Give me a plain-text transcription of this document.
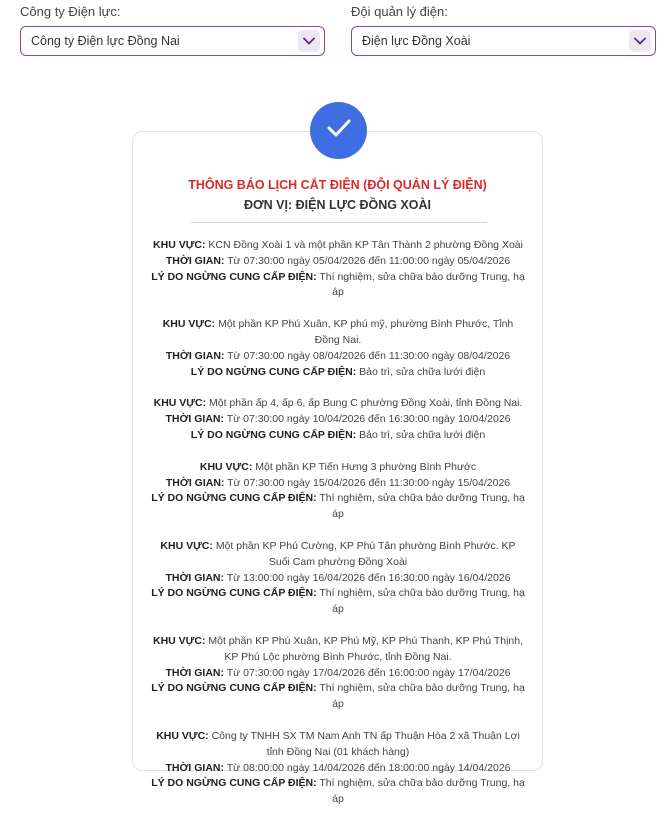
Công ty Điện lực:
Công ty Điện lực Đồng Nai
Đội quản lý điện:
Điện lực Đồng Xoài
THÔNG BÁO LỊCH CẮT ĐIỆN (ĐỘI QUẢN LÝ ĐIỆN)
ĐƠN VỊ: ĐIỆN LỰC ĐỒNG XOÀI
KHU VỰC: KCN Đồng Xoài 1 và một phần KP Tân Thành 2 phường Đồng Xoài
THỜI GIAN: Từ 07:30:00 ngày 05/04/2026 đến 11:00:00 ngày 05/04/2026
LÝ DO NGỪNG CUNG CẤP ĐIỆN: Thí nghiệm, sửa chữa bảo dưỡng Trung, hạ áp
KHU VỰC: Một phần KP Phú Xuân, KP phú mỹ, phường Bình Phước, Tỉnh Đồng Nai.
THỜI GIAN: Từ 07:30:00 ngày 08/04/2026 đến 11:30:00 ngày 08/04/2026
LÝ DO NGỪNG CUNG CẤP ĐIỆN: Bảo trì, sửa chữa lưới điện
KHU VỰC: Một phần ấp 4, ấp 6, ấp Bung C phường Đồng Xoài, tỉnh Đồng Nai.
THỜI GIAN: Từ 07:30:00 ngày 10/04/2026 đến 16:30:00 ngày 10/04/2026
LÝ DO NGỪNG CUNG CẤP ĐIỆN: Bảo trì, sửa chữa lưới điện
KHU VỰC: Một phần KP Tiến Hưng 3 phường Bình Phước
THỜI GIAN: Từ 07:30:00 ngày 15/04/2026 đến 11:30:00 ngày 15/04/2026
LÝ DO NGỪNG CUNG CẤP ĐIỆN: Thí nghiệm, sửa chữa bảo dưỡng Trung, hạ áp
KHU VỰC: Một phần KP Phú Cường, KP Phú Tân phường Bình Phước. KP Suối Cam phường Đồng Xoài
THỜI GIAN: Từ 13:00:00 ngày 16/04/2026 đến 16:30:00 ngày 16/04/2026
LÝ DO NGỪNG CUNG CẤP ĐIỆN: Thí nghiệm, sửa chữa bảo dưỡng Trung, hạ áp
KHU VỰC: Một phần KP Phú Xuân, KP Phú Mỹ, KP Phú Thanh, KP Phú Thịnh, KP Phú Lộc phường Bình Phước, tỉnh Đồng Nai.
THỜI GIAN: Từ 07:30:00 ngày 17/04/2026 đến 16:00:00 ngày 17/04/2026
LÝ DO NGỪNG CUNG CẤP ĐIỆN: Thí nghiệm, sửa chữa bảo dưỡng Trung, hạ áp
KHU VỰC: Công ty TNHH SX TM Nam Anh TN ấp Thuận Hòa 2 xã Thuận Lợi tỉnh Đồng Nai (01 khách hàng)
THỜI GIAN: Từ 08:00:00 ngày 14/04/2026 đến 18:00:00 ngày 14/04/2026
LÝ DO NGỪNG CUNG CẤP ĐIỆN: Thí nghiệm, sửa chữa bảo dưỡng Trung, hạ áp
